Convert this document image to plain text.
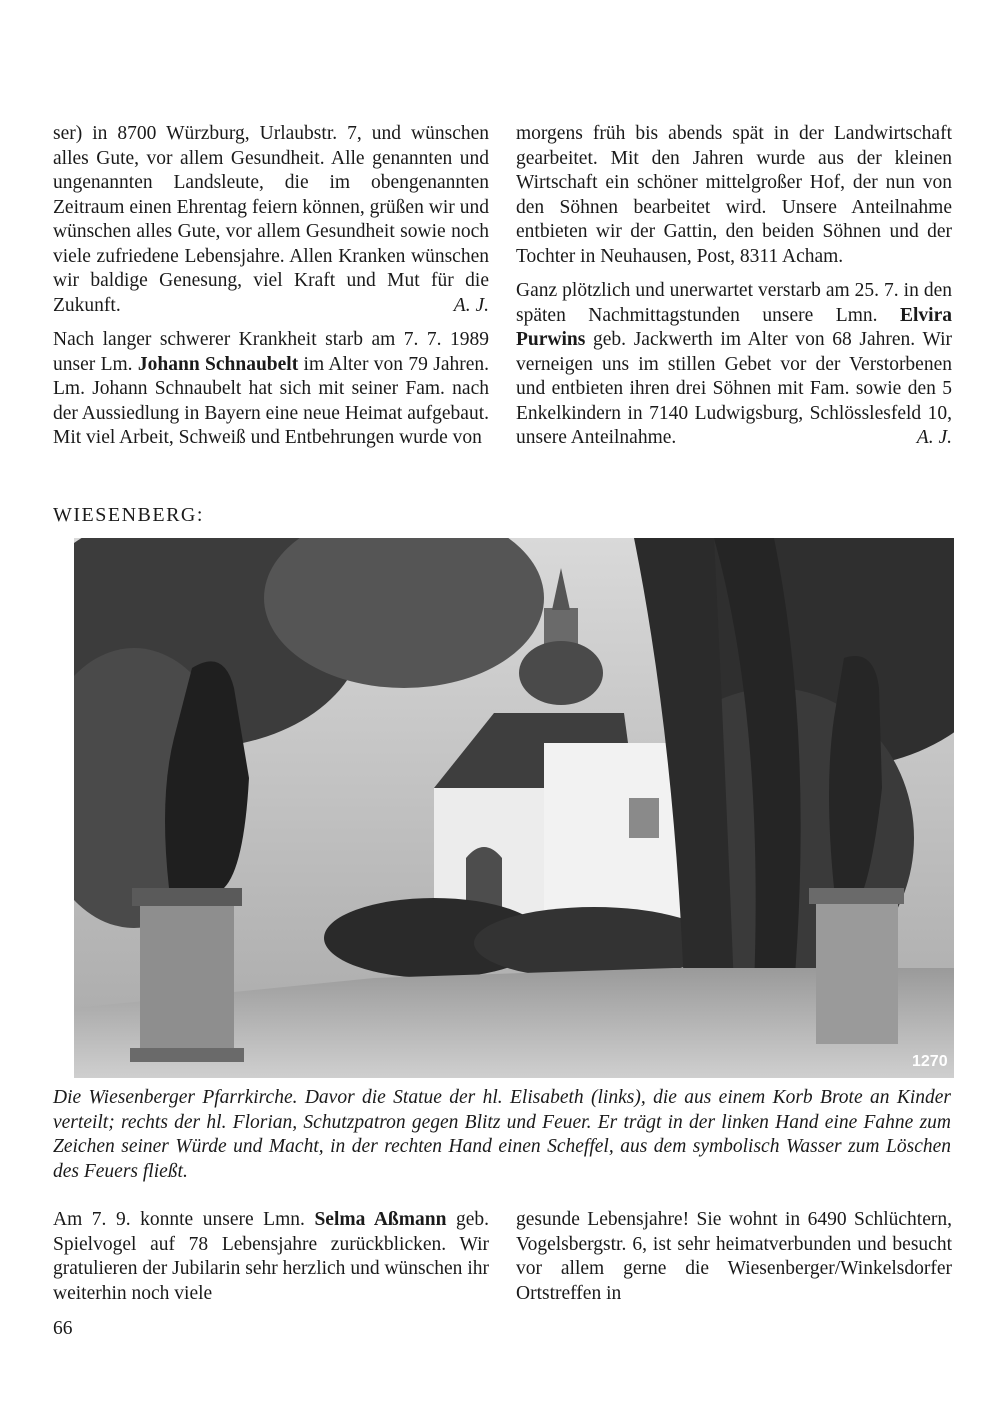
ser) in 8700 Würzburg, Urlaubstr. 7, und wünschen alles Gute, vor allem Gesundheit. Alle genannten und ungenannten Landsleute, die im obengenannten Zeitraum einen Ehrentag feiern können, grüßen wir und wünschen alles Gute, vor allem Gesundheit sowie noch viele zufriedene Lebensjahre. Allen Kranken wünschen wir baldige Genesung, viel Kraft und Mut für die Zukunft.	A. J.

Nach langer schwerer Krankheit starb am 7. 7. 1989 unser Lm. Johann Schnaubelt im Alter von 79 Jahren. Lm. Johann Schnaubelt hat sich mit seiner Fam. nach der Aussiedlung in Bayern eine neue Heimat aufgebaut. Mit viel Arbeit, Schweiß und Entbehrungen wurde von

morgens früh bis abends spät in der Landwirtschaft gearbeitet. Mit den Jahren wurde aus der kleinen Wirtschaft ein schöner mittelgroßer Hof, der nun von den Söhnen bearbeitet wird. Unsere Anteilnahme entbieten wir der Gattin, den beiden Söhnen und der Tochter in Neuhausen, Post, 8311 Acham.

Ganz plötzlich und unerwartet verstarb am 25. 7. in den späten Nachmittagstunden unsere Lmn. Elvira Purwins geb. Jackwerth im Alter von 68 Jahren. Wir verneigen uns im stillen Gebet vor der Verstorbenen und entbieten ihren drei Söhnen mit Fam. sowie den 5 Enkelkindern in 7140 Ludwigsburg, Schlösslesfeld 10, unsere Anteilnahme.	A. J.

WIESENBERG:
1270
Die Wiesenberger Pfarrkirche. Davor die Statue der hl. Elisabeth (links), die aus einem Korb Brote an Kinder verteilt; rechts der hl. Florian, Schutzpatron gegen Blitz und Feuer. Er trägt in der linken Hand eine Fahne zum Zeichen seiner Würde und Macht, in der rechten Hand einen Scheffel, aus dem symbolisch Wasser zum Löschen des Feuers fließt.

Am 7. 9. konnte unsere Lmn. Selma Aßmann geb. Spielvogel auf 78 Lebensjahre zurückblicken. Wir gratulieren der Jubilarin sehr herzlich und wünschen ihr weiterhin noch viele

gesunde Lebensjahre! Sie wohnt in 6490 Schlüchtern, Vogelsbergstr. 6, ist sehr heimatverbunden und besucht vor allem gerne die Wiesenberger/Winkelsdorfer Ortstreffen in

66
